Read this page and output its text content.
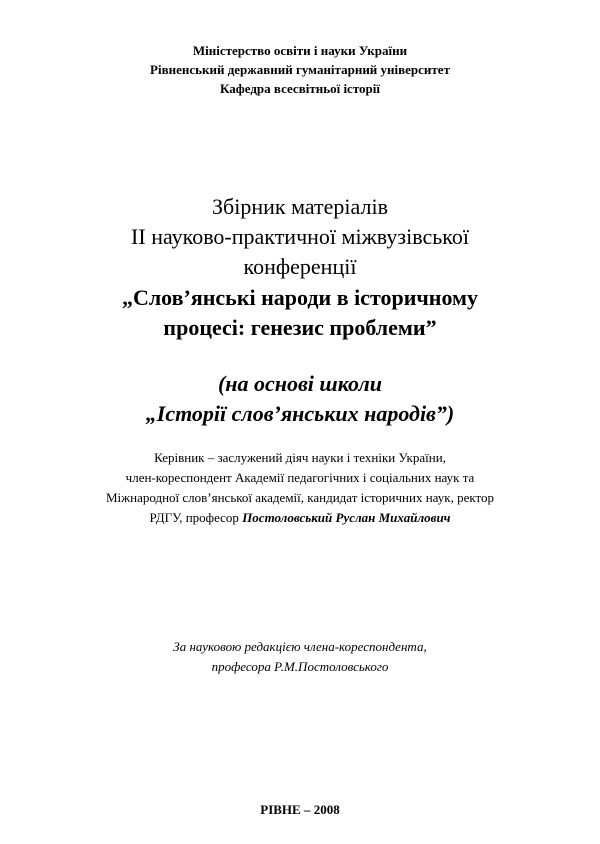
Міністерство освіти і науки України
Рівненський державний гуманітарний університет
Кафедра всесвітньої історії
Збірник матеріалів
ІІ науково-практичної міжвузівської
конференції
„Слов’янські народи в історичному
процесі: генезис проблеми”
(на основі школи
„Історії слов’янських народів”)
Керівник – заслужений діяч науки і техніки України,
член-кореспондент Академії педагогічних і соціальних наук та
Міжнародної слов’янської академії, кандидат історичних наук, ректор
РДГУ, професор Постоловський Руслан Михайлович
За науковою редакцією члена-кореспондента,
професора Р.М.Постоловського
РІВНЕ – 2008
